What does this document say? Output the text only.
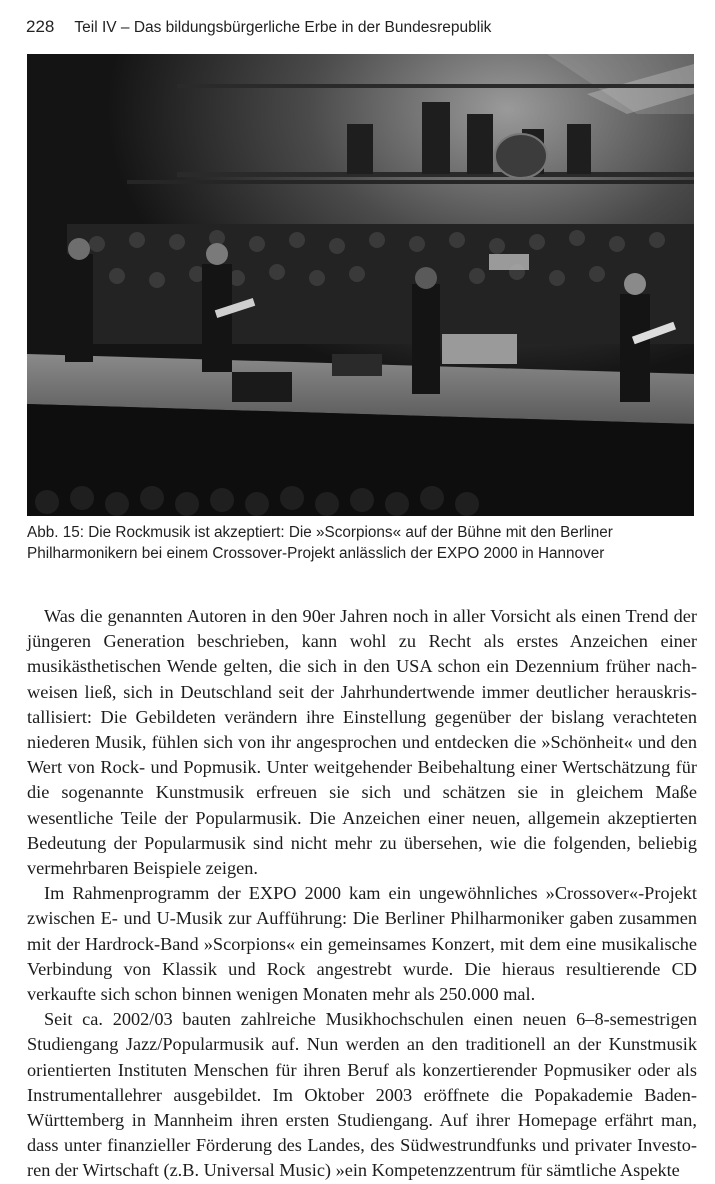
228 Teil IV – Das bildungsbürgerliche Erbe in der Bundesrepublik
Abb. 15: Die Rockmusik ist akzeptiert: Die »Scorpions« auf der Bühne mit den Berliner
Philharmonikern bei einem Crossover-Projekt anlässlich der EXPO 2000 in Hannover

Was die genannten Autoren in den 90er Jahren noch in aller Vorsicht als einen Trend der jüngeren Generation beschrieben, kann wohl zu Recht als erstes Anzeichen einer musikästhetischen Wende gelten, die sich in den USA schon ein Dezennium früher nachweisen ließ, sich in Deutschland seit der Jahrhundertwende immer deutlicher herauskristallisiert: Die Gebildeten verändern ihre Einstellung gegenüber der bislang verachteten niederen Musik, fühlen sich von ihr angesprochen und entdecken die »Schönheit« und den Wert von Rock- und Popmusik. Unter weitgehender Beibehaltung einer Wertschätzung für die sogenannte Kunstmusik erfreuen sie sich und schätzen sie in gleichem Maße wesentliche Teile der Popularmusik. Die Anzeichen einer neuen, allgemein akzeptierten Bedeutung der Popularmusik sind nicht mehr zu übersehen, wie die folgenden, beliebig vermehrbaren Beispiele zeigen.

Im Rahmenprogramm der EXPO 2000 kam ein ungewöhnliches »Crossover«-Projekt zwischen E- und U-Musik zur Aufführung: Die Berliner Philharmoniker gaben zusammen mit der Hardrock-Band »Scorpions« ein gemeinsames Konzert, mit dem eine musikalische Verbindung von Klassik und Rock angestrebt wurde. Die hieraus resultierende CD verkaufte sich schon binnen wenigen Monaten mehr als 250.000 mal.

Seit ca. 2002/03 bauten zahlreiche Musikhochschulen einen neuen 6–8-semestrigen Studiengang Jazz/Popularmusik auf. Nun werden an den traditionell an der Kunstmusik orientierten Instituten Menschen für ihren Beruf als konzertierender Popmusiker oder als Instrumentallehrer ausgebildet. Im Oktober 2003 eröffnete die Popakademie Baden-Württemberg in Mannheim ihren ersten Studiengang. Auf ihrer Homepage erfährt man, dass unter finanzieller Förderung des Landes, des Südwestrundfunks und privater Investoren der Wirtschaft (z.B. Universal Music) »ein Kompetenzzentrum für sämtliche Aspekte
